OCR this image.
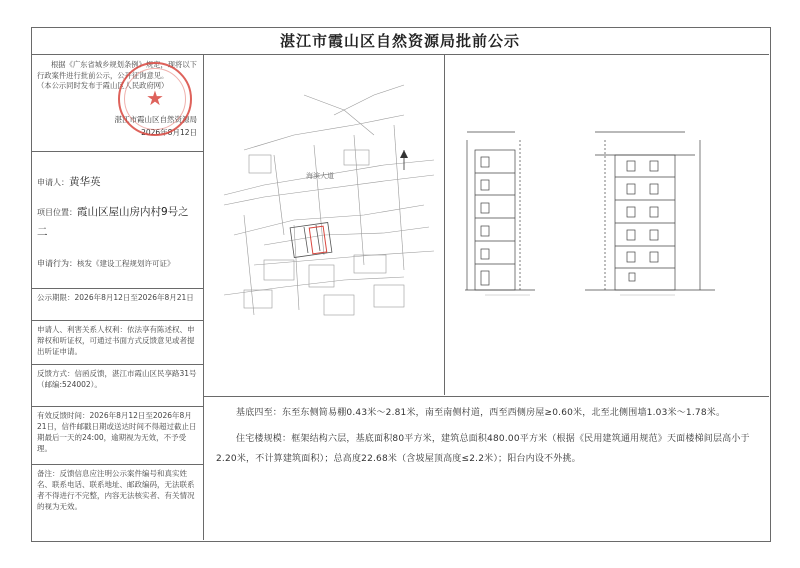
湛江市霞山区自然资源局批前公示
根据《广东省城乡规划条例》规定，现将以下行政案件进行批前公示，公开征询意见。
（本公示同时发布于霞山区人民政府网）
湛江市霞山区自然资源局
2026年8月12日
申请人：黄华英
项目位置：霞山区屋山房内村9号之二
申请行为：核发《建设工程规划许可证》
公示期限：2026年8月12日至2026年8月21日
申请人、利害关系人权利：依法享有陈述权、申辩权和听证权，可通过书面方式反馈意见或者提出听证申请。
反馈方式：信函反馈，湛江市霞山区民享路31号（邮编:524002）。
有效反馈时间：2026年8月12日至2026年8月21日，信件邮戳日期或送达时间不得超过截止日期最后一天的24:00，逾期视为无效，不予受理。
备注：反馈信息应注明公示案件编号和真实姓名、联系电话、联系地址、邮政编码，无法联系者不得进行不完整，内容无法核实者、有关情况的视为无效。
★
海滨大道
基底四至：东至东侧简易棚0.43米～2.81米，南至南侧村道，西至西侧房屋≥0.60米，北至北侧围墙1.03米～1.78米。
住宅楼规模：框架结构六层，基底面积80平方米，建筑总面积480.00平方米（根据《民用建筑通用规范》天面楼梯间层高小于2.20米，不计算建筑面积）；总高度22.68米（含坡屋顶高度≤2.2米）；阳台内设不外挑。
